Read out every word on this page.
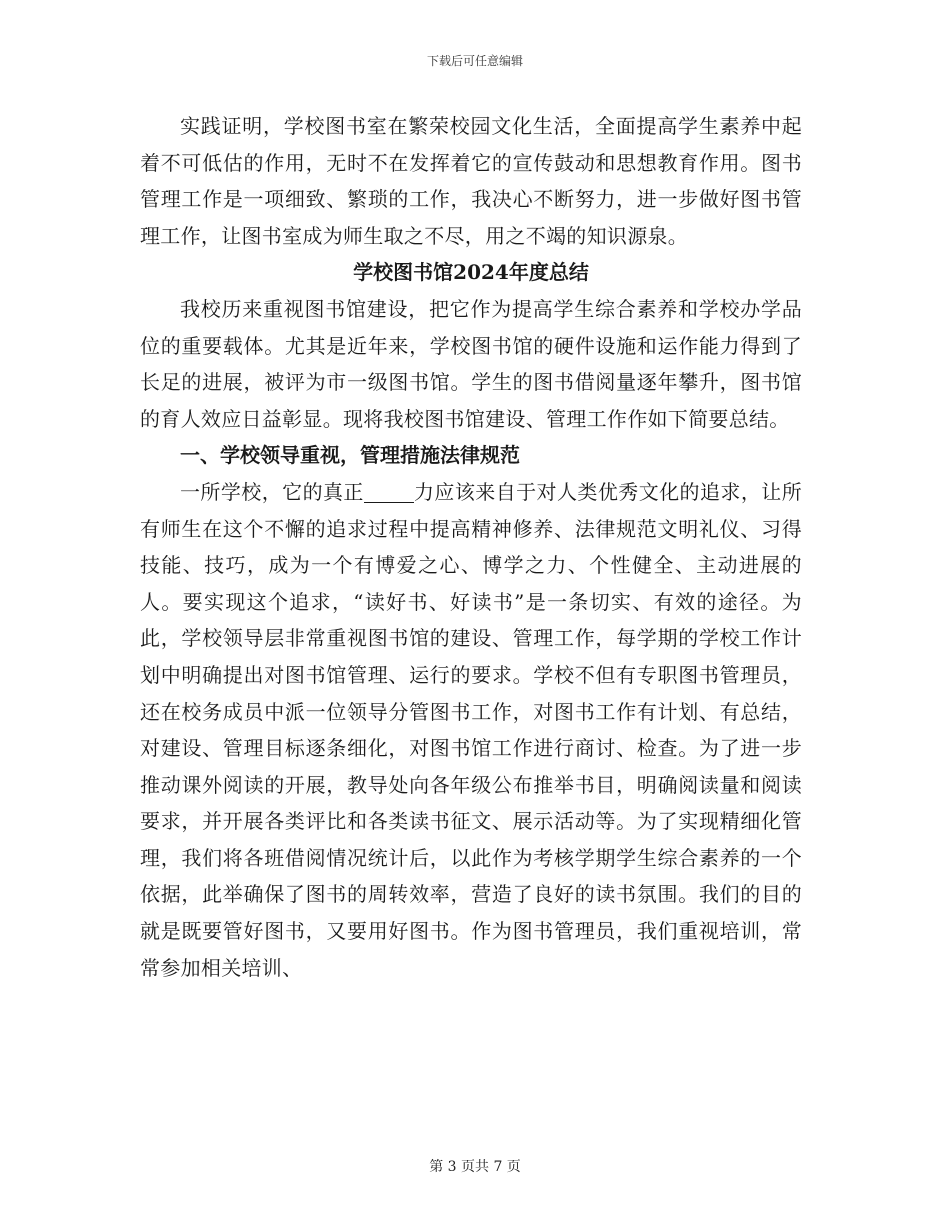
下载后可任意编辑

实践证明，学校图书室在繁荣校园文化生活，全面提高学生素养中起着不可低估的作用，无时不在发挥着它的宣传鼓动和思想教育作用。图书管理工作是一项细致、繁琐的工作，我决心不断努力，进一步做好图书管理工作，让图书室成为师生取之不尽，用之不竭的知识源泉。

学校图书馆2024年度总结

我校历来重视图书馆建设，把它作为提高学生综合素养和学校办学品位的重要载体。尤其是近年来，学校图书馆的硬件设施和运作能力得到了长足的进展，被评为市一级图书馆。学生的图书借阅量逐年攀升，图书馆的育人效应日益彰显。现将我校图书馆建设、管理工作作如下简要总结。

一、学校领导重视，管理措施法律规范

一所学校，它的真正	力应该来自于对人类优秀文化的追求，让所有师生在这个不懈的追求过程中提高精神修养、法律规范文明礼仪、习得技能、技巧，成为一个有博爱之心、博学之力、个性健全、主动进展的人。要实现这个追求，“读好书、好读书”是一条切实、有效的途径。为此，学校领导层非常重视图书馆的建设、管理工作，每学期的学校工作计划中明确提出对图书馆管理、运行的要求。学校不但有专职图书管理员，还在校务成员中派一位领导分管图书工作，对图书工作有计划、有总结，对建设、管理目标逐条细化，对图书馆工作进行商讨、检查。为了进一步推动课外阅读的开展，教导处向各年级公布推举书目，明确阅读量和阅读要求，并开展各类评比和各类读书征文、展示活动等。为了实现精细化管理，我们将各班借阅情况统计后，以此作为考核学期学生综合素养的一个依据，此举确保了图书的周转效率，营造了良好的读书氛围。我们的目的就是既要管好图书，又要用好图书。作为图书管理员，我们重视培训，常常参加相关培训、

第 3 页共 7 页
